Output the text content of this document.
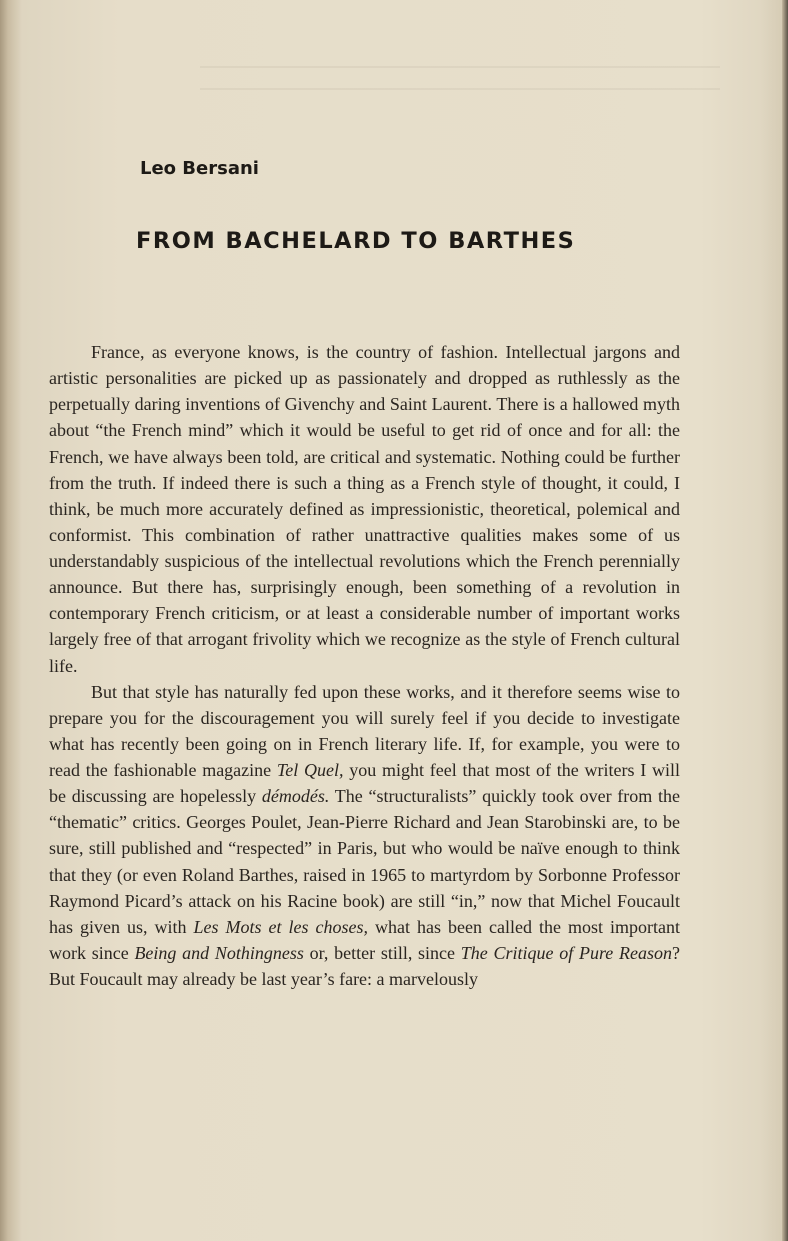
Leo Bersani
FROM BACHELARD TO BARTHES

France, as everyone knows, is the country of fashion. Intellectual jargons and artistic personalities are picked up as passionately and dropped as ruthlessly as the perpetually daring inventions of Givenchy and Saint Laurent. There is a hallowed myth about “the French mind” which it would be useful to get rid of once and for all: the French, we have always been told, are critical and systematic. Nothing could be further from the truth. If indeed there is such a thing as a French style of thought, it could, I think, be much more accurately defined as impressionistic, theoretical, polemical and conformist. This combination of rather unattractive qualities makes some of us understandably suspicious of the intellectual revolutions which the French perennially announce. But there has, surprisingly enough, been something of a revolution in contemporary French criticism, or at least a considerable number of important works largely free of that arrogant frivolity which we recognize as the style of French cultural life.

But that style has naturally fed upon these works, and it therefore seems wise to prepare you for the discouragement you will surely feel if you decide to investigate what has recently been going on in French literary life. If, for example, you were to read the fashionable magazine Tel Quel, you might feel that most of the writers I will be discussing are hopelessly démodés. The “structuralists” quickly took over from the “thematic” critics. Georges Poulet, Jean-Pierre Richard and Jean Starobinski are, to be sure, still published and “respected” in Paris, but who would be naïve enough to think that they (or even Roland Barthes, raised in 1965 to martyrdom by Sorbonne Professor Raymond Picard’s attack on his Racine book) are still “in,” now that Michel Foucault has given us, with Les Mots et les choses, what has been called the most important work since Being and Nothingness or, better still, since The Critique of Pure Reason? But Foucault may already be last year’s fare: a marvelously
